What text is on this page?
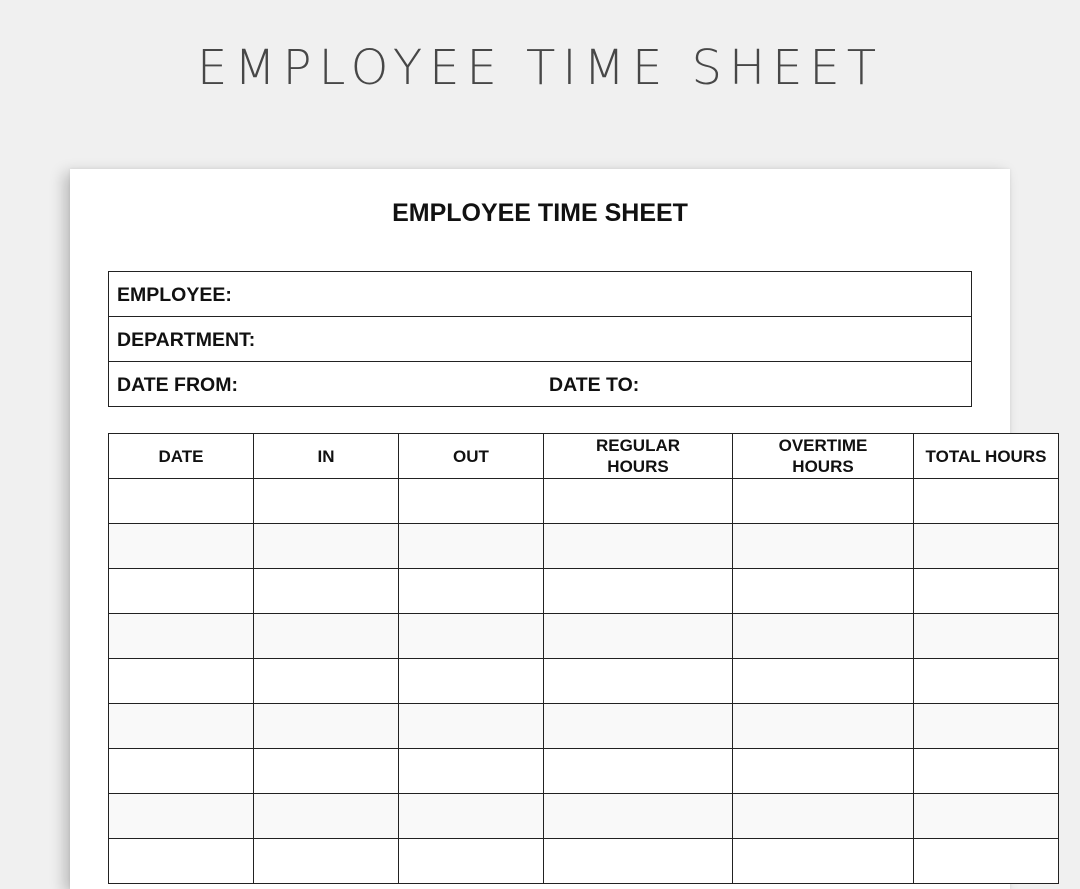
EMPLOYEE TIME SHEET
EMPLOYEE TIME SHEET
EMPLOYEE:
DEPARTMENT:
DATE FROM:	DATE TO:
DATE	IN	OUT	REGULAR HOURS	OVERTIME HOURS	TOTAL HOURS
